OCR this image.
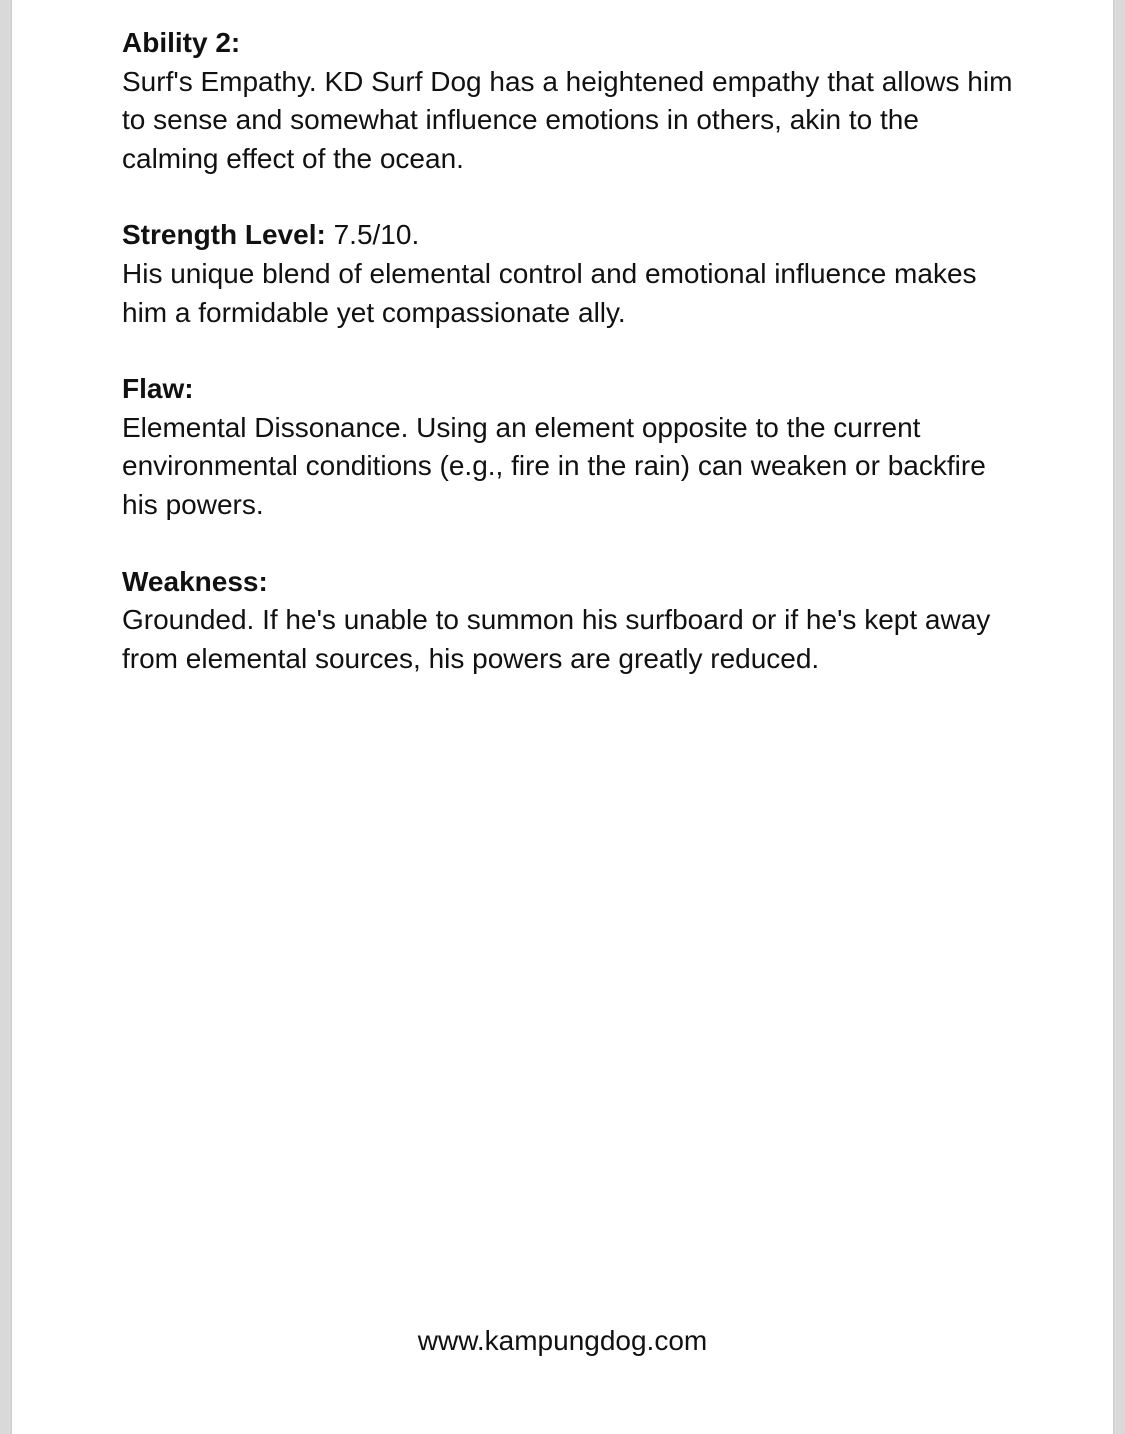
Ability 2:

Surf's Empathy. KD Surf Dog has a heightened empathy that allows him to sense and somewhat influence emotions in others, akin to the calming effect of the ocean.

Strength Level: 7.5/10.

His unique blend of elemental control and emotional influence makes him a formidable yet compassionate ally.

Flaw:

Elemental Dissonance. Using an element opposite to the current environmental conditions (e.g., fire in the rain) can weaken or backfire his powers.

Weakness:

Grounded. If he's unable to summon his surfboard or if he's kept away from elemental sources, his powers are greatly reduced.

www.kampungdog.com
